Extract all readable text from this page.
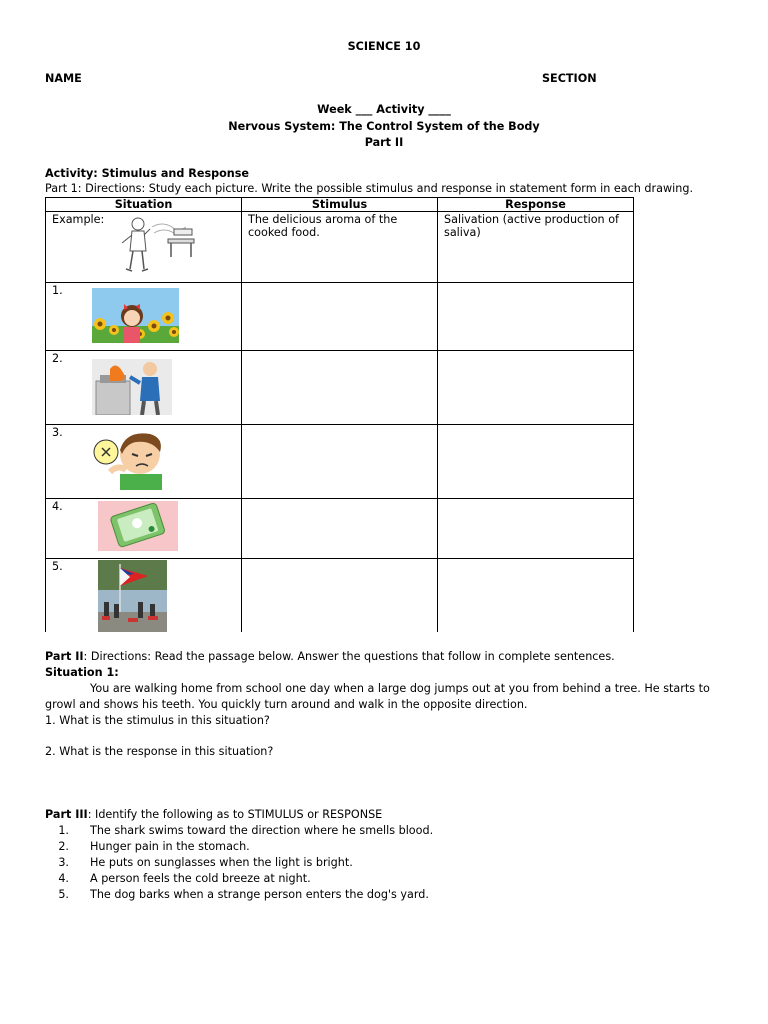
SCIENCE 10
NAME	SECTION
Week ___ Activity ____
Nervous System: The Control System of the Body
Part II
Activity: Stimulus and Response
Part 1: Directions: Study each picture. Write the possible stimulus and response in statement form in each drawing.
Situation	Stimulus	Response
Example:	The delicious aroma of the cooked food.	Salivation (active production of saliva)

1.		

2.		

3.		

4.		

5.		

Part II: Directions: Read the passage below. Answer the questions that follow in complete sentences.
Situation 1:
You are walking home from school one day when a large dog jumps out at you from behind a tree. He starts to
growl and shows his teeth. You quickly turn around and walk in the opposite direction.
1. What is the stimulus in this situation?
2. What is the response in this situation?
Part III: Identify the following as to STIMULUS or RESPONSE
1. The shark swims toward the direction where he smells blood.
2. Hunger pain in the stomach.
3. He puts on sunglasses when the light is bright.
4. A person feels the cold breeze at night.
5. The dog barks when a strange person enters the dog's yard.
